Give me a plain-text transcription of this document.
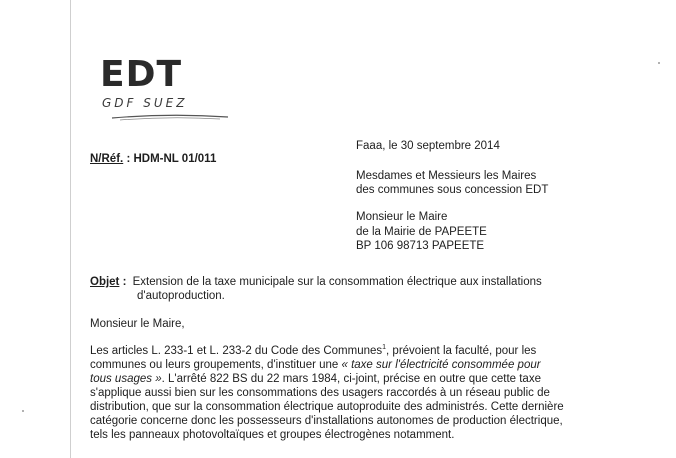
EDT
GDF SUEZ
Faaa, le 30 septembre 2014
N/Réf. : HDM-NL 01/011
Mesdames et Messieurs les Maires
des communes sous concession EDT
Monsieur le Maire
de la Mairie de PAPEETE
BP 106 98713 PAPEETE
Objet : Extension de la taxe municipale sur la consommation électrique aux installations
d'autoproduction.
Monsieur le Maire,
Les articles L. 233-1 et L. 233-2 du Code des Communes$^1$, prévoient la faculté, pour les
communes ou leurs groupements, d'instituer une « taxe sur l'électricité consommée pour
tous usages ». L'arrêté 822 BS du 22 mars 1984, ci-joint, précise en outre que cette taxe
s'applique aussi bien sur les consommations des usagers raccordés à un réseau public de
distribution, que sur la consommation électrique autoproduite des administrés. Cette dernière
catégorie concerne donc les possesseurs d'installations autonomes de production électrique,
tels les panneaux photovoltaïques et groupes électrogènes notamment.
